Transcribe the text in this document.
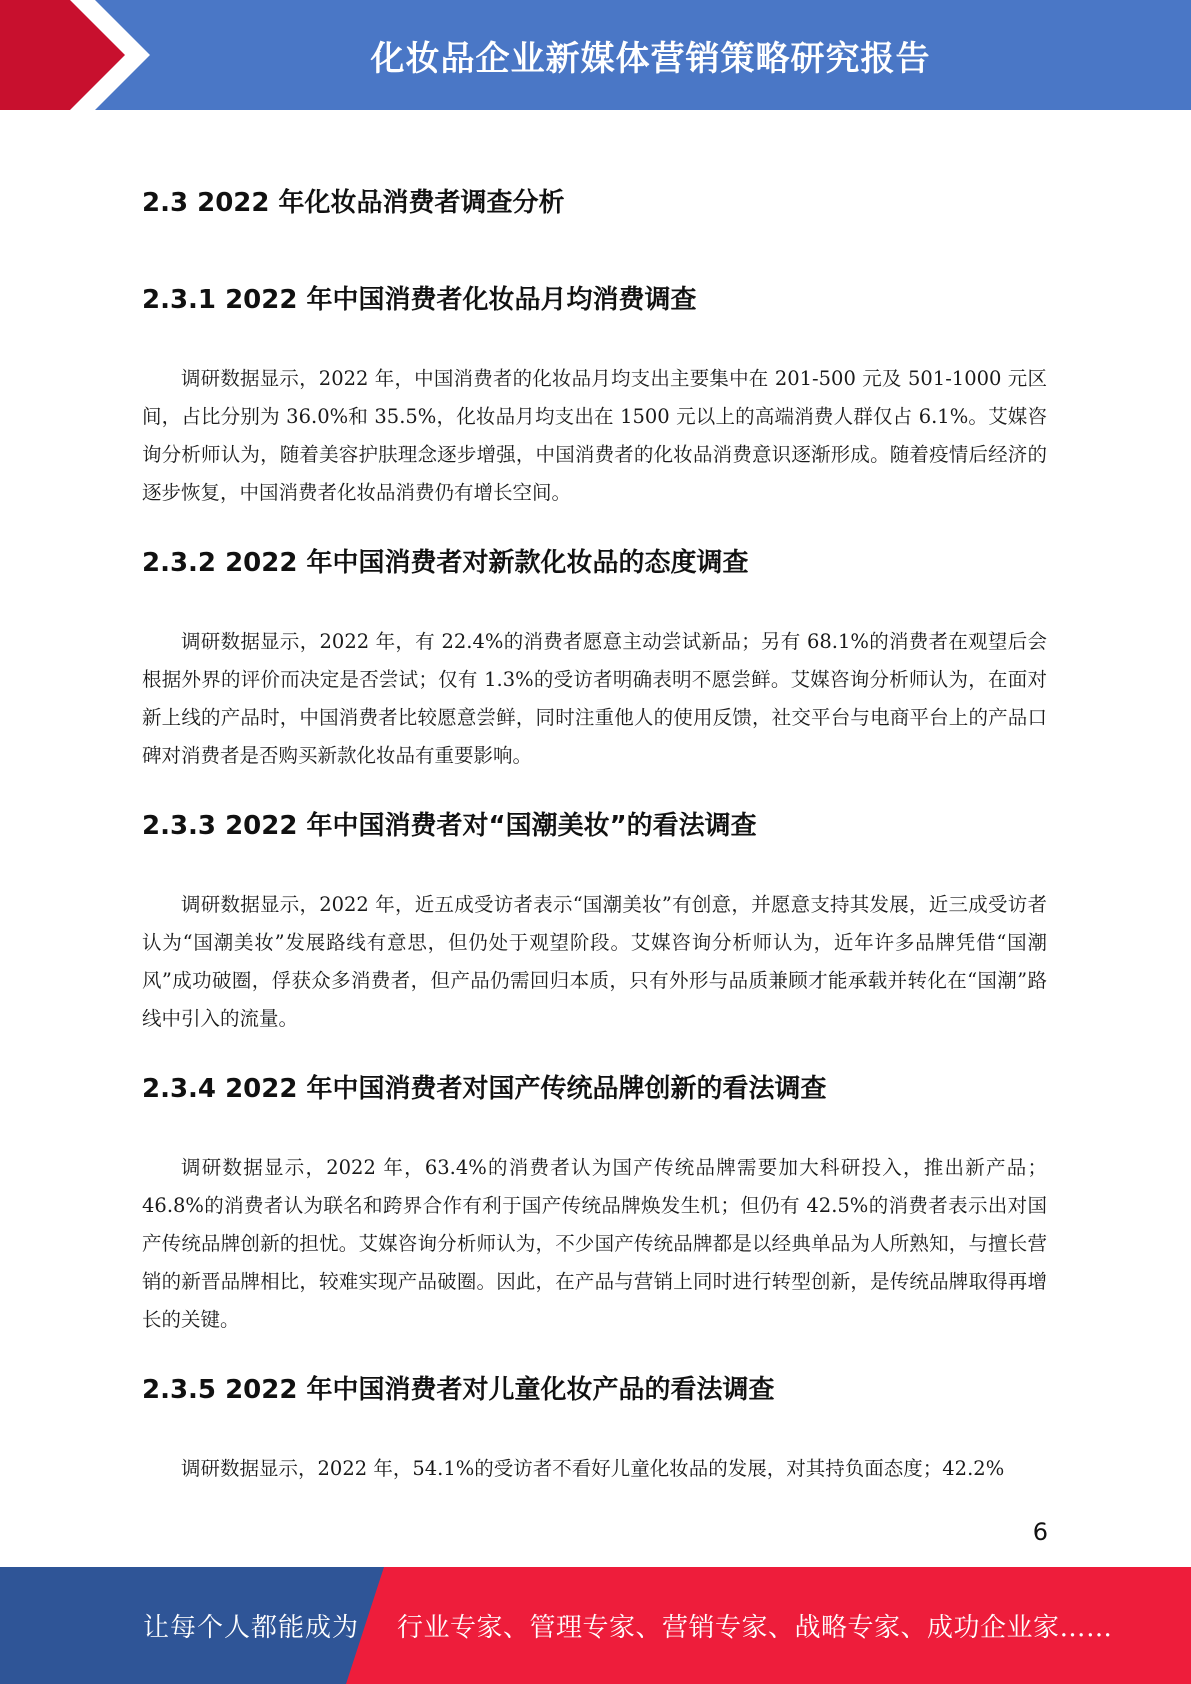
化妆品企业新媒体营销策略研究报告
2.3 2022 年化妆品消费者调查分析
2.3.1 2022 年中国消费者化妆品月均消费调查

调研数据显示，2022 年，中国消费者的化妆品月均支出主要集中在 201-500 元及 501-1000 元区间，占比分别为 36.0%和 35.5%，化妆品月均支出在 1500 元以上的高端消费人群仅占 6.1%。艾媒咨询分析师认为，随着美容护肤理念逐步增强，中国消费者的化妆品消费意识逐渐形成。随着疫情后经济的逐步恢复，中国消费者化妆品消费仍有增长空间。

2.3.2 2022 年中国消费者对新款化妆品的态度调查

调研数据显示，2022 年，有 22.4%的消费者愿意主动尝试新品；另有 68.1%的消费者在观望后会根据外界的评价而决定是否尝试；仅有 1.3%的受访者明确表明不愿尝鲜。艾媒咨询分析师认为，在面对新上线的产品时，中国消费者比较愿意尝鲜，同时注重他人的使用反馈，社交平台与电商平台上的产品口碑对消费者是否购买新款化妆品有重要影响。

2.3.3 2022 年中国消费者对“国潮美妆”的看法调查

调研数据显示，2022 年，近五成受访者表示“国潮美妆”有创意，并愿意支持其发展，近三成受访者认为“国潮美妆”发展路线有意思，但仍处于观望阶段。艾媒咨询分析师认为，近年许多品牌凭借“国潮风”成功破圈，俘获众多消费者，但产品仍需回归本质，只有外形与品质兼顾才能承载并转化在“国潮”路线中引入的流量。

2.3.4 2022 年中国消费者对国产传统品牌创新的看法调查

调研数据显示，2022 年，63.4%的消费者认为国产传统品牌需要加大科研投入，推出新产品；46.8%的消费者认为联名和跨界合作有利于国产传统品牌焕发生机；但仍有 42.5%的消费者表示出对国产传统品牌创新的担忧。艾媒咨询分析师认为，不少国产传统品牌都是以经典单品为人所熟知，与擅长营销的新晋品牌相比，较难实现产品破圈。因此，在产品与营销上同时进行转型创新，是传统品牌取得再增长的关键。

2.3.5 2022 年中国消费者对儿童化妆产品的看法调查

调研数据显示，2022 年，54.1%的受访者不看好儿童化妆品的发展，对其持负面态度；42.2%

6
让每个人都能成为 行业专家、管理专家、营销专家、战略专家、成功企业家……
